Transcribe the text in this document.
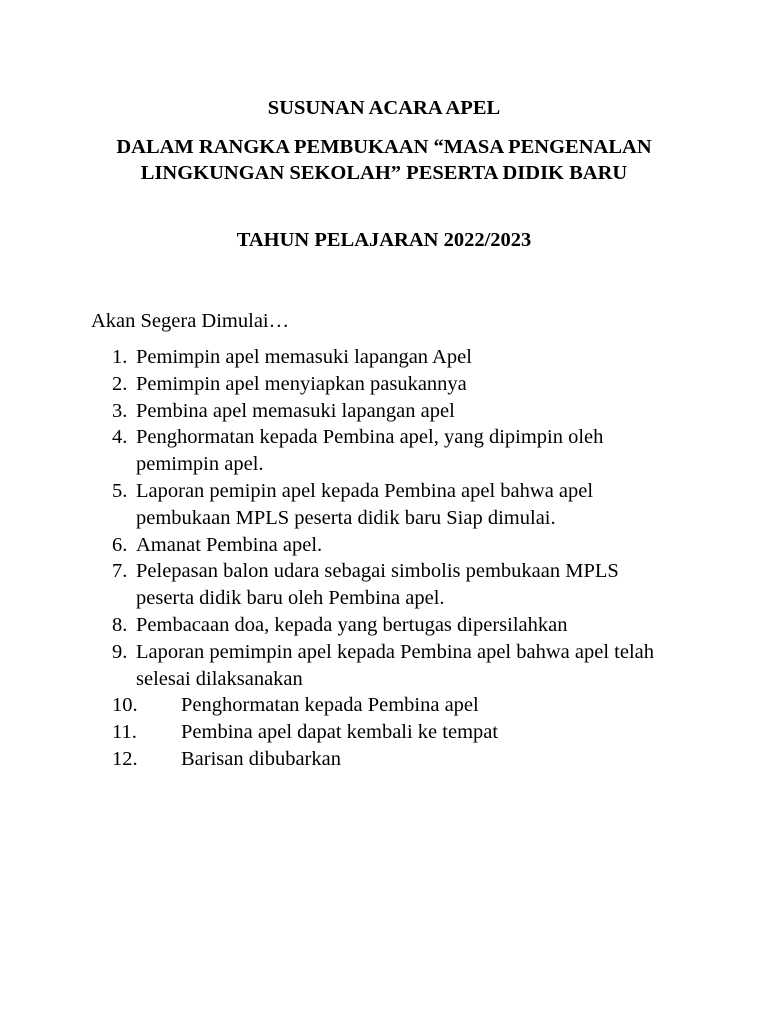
SUSUNAN ACARA APEL
DALAM RANGKA PEMBUKAAN “MASA PENGENALAN LINGKUNGAN SEKOLAH” PESERTA DIDIK BARU
TAHUN PELAJARAN 2022/2023

Akan Segera Dimulai…

1. Pemimpin apel memasuki lapangan Apel
2. Pemimpin apel menyiapkan pasukannya
3. Pembina apel memasuki lapangan apel
4. Penghormatan kepada Pembina apel, yang dipimpin oleh pemimpin apel.
5. Laporan pemipin apel kepada Pembina apel bahwa apel pembukaan MPLS peserta didik baru Siap dimulai.
6. Amanat Pembina apel.
7. Pelepasan balon udara sebagai simbolis pembukaan MPLS peserta didik baru oleh Pembina apel.
8. Pembacaan doa, kepada yang bertugas dipersilahkan
9. Laporan pemimpin apel kepada Pembina apel bahwa apel telah selesai dilaksanakan
10. Penghormatan kepada Pembina apel
11. Pembina apel dapat kembali ke tempat
12. Barisan dibubarkan
